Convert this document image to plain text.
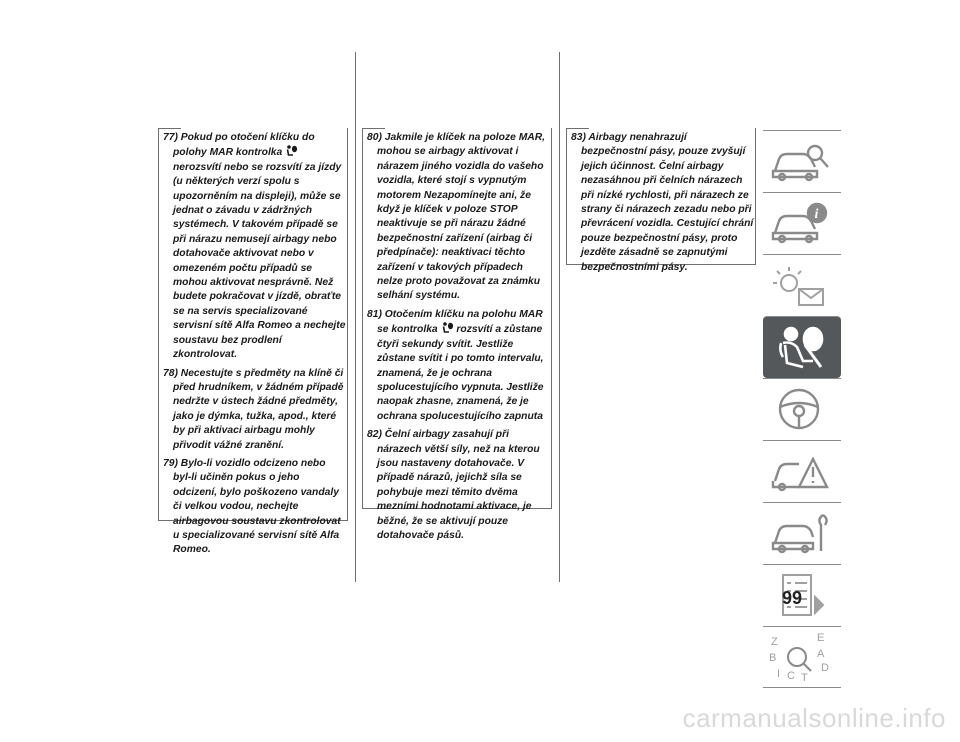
77) Pokud po otočení klíčku do polohy MAR kontrolka  nerozsvítí nebo se rozsvítí za jízdy (u některých verzí spolu s upozorněním na displeji), může se jednat o závadu v zádržných systémech. V takovém případě se při nárazu nemusejí airbagy nebo dotahovače aktivovat nebo v omezeném počtu případů se mohou aktivovat nesprávně. Než budete pokračovat v jízdě, obraťte se na servis specializované servisní sítě Alfa Romeo a nechejte soustavu bez prodlení zkontrolovat.

78) Necestujte s předměty na klíně či před hrudníkem, v žádném případě nedržte v ústech žádné předměty, jako je dýmka, tužka, apod., které by při aktivaci airbagu mohly přivodit vážné zranění.

79) Bylo-li vozidlo odcizeno nebo byl-li učiněn pokus o jeho odcizení, bylo poškozeno vandaly či velkou vodou, nechejte airbagovou soustavu zkontrolovat u specializované servisní sítě Alfa Romeo.

80) Jakmile je klíček na poloze MAR, mohou se airbagy aktivovat i nárazem jiného vozidla do vašeho vozidla, které stojí s vypnutým motorem Nezapomínejte ani, že když je klíček v poloze STOP neaktivuje se při nárazu žádné bezpečnostní zařízení (airbag či předpínače): neaktivaci těchto zařízení v takových případech nelze proto považovat za známku selhání systému.

81) Otočením klíčku na polohu MAR se kontrolka rozsvítí a zůstane čtyři sekundy svítit. Jestliže zůstane svítit i po tomto intervalu, znamená, že je ochrana spolucestujícího vypnuta. Jestliže naopak zhasne, znamená, že je ochrana spolucestujícího zapnuta

82) Čelní airbagy zasahují při nárazech větší síly, než na kterou jsou nastaveny dotahovače. V případě nárazů, jejichž síla se pohybuje mezi těmito dvěma mezními hodnotami aktivace, je běžné, že se aktivují pouze dotahovače pásů.

83) Airbagy nenahrazují bezpečnostní pásy, pouze zvyšují jejich účinnost. Čelní airbagy nezasáhnou při čelních nárazech při nízké rychlosti, při nárazech ze strany či nárazech zezadu nebo při převrácení vozidla. Cestující chrání pouze bezpečnostní pásy, proto jezděte zásadně se zapnutými bezpečnostními pásy.

i
Z	E
B	A
D
I C T
99
carmanualsonline.info
